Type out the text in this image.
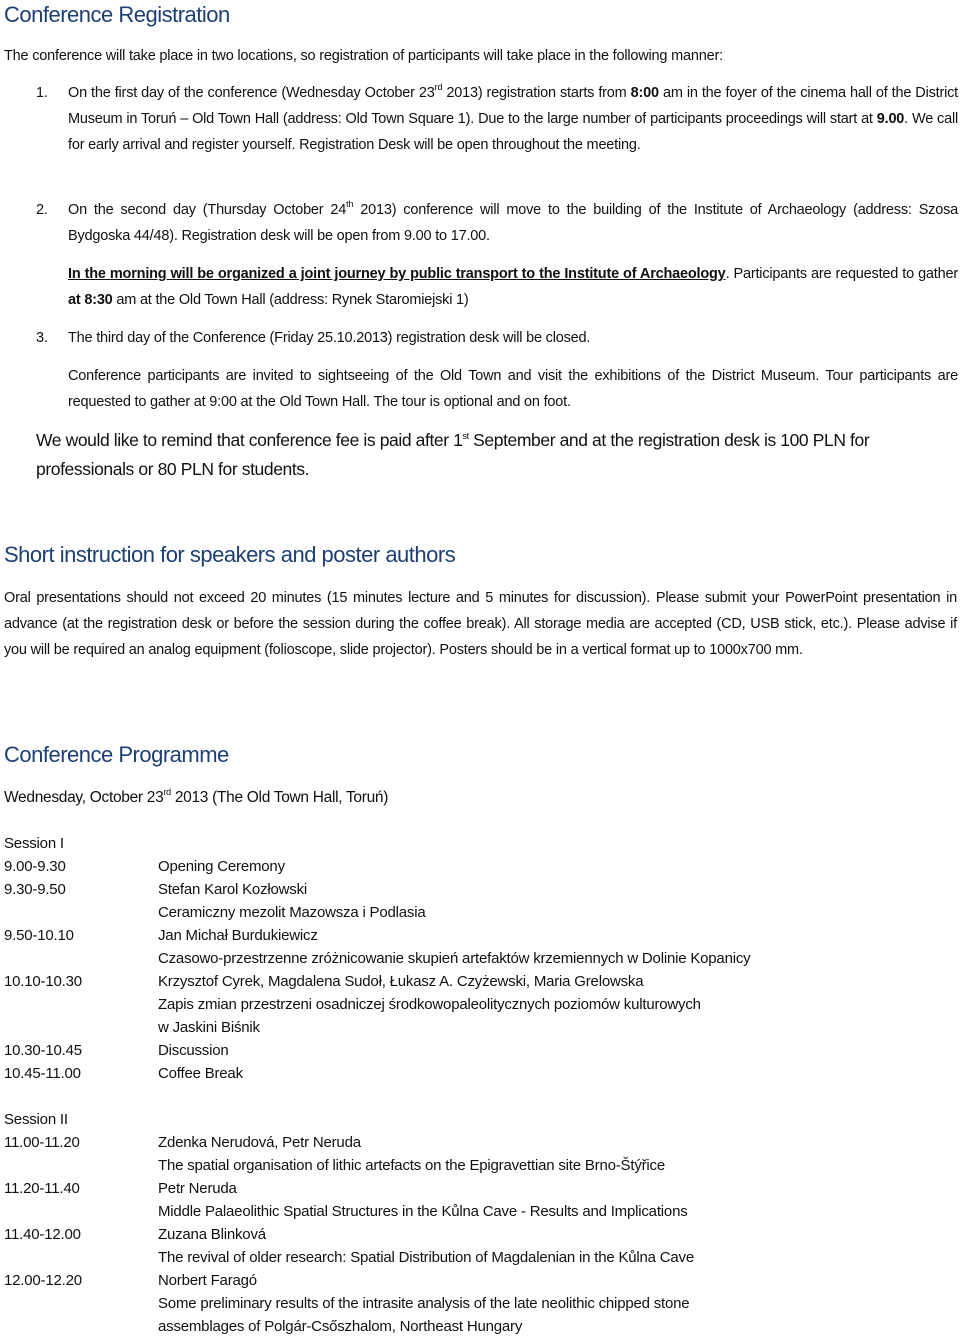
Conference Registration
The conference will take place in two locations, so registration of participants will take place in the following manner:
1. On the first day of the conference (Wednesday October 23rd 2013) registration starts from 8:00 am in the foyer of the cinema hall of the District Museum in Toruń – Old Town Hall (address: Old Town Square 1). Due to the large number of participants proceedings will start at 9.00. We call for early arrival and register yourself. Registration Desk will be open throughout the meeting.
2. On the second day (Thursday October 24th 2013) conference will move to the building of the Institute of Archaeology (address: Szosa Bydgoska 44/48). Registration desk will be open from 9.00 to 17.00.
In the morning will be organized a joint journey by public transport to the Institute of Archaeology. Participants are requested to gather at 8:30 am at the Old Town Hall (address: Rynek Staromiejski 1)
3. The third day of the Conference (Friday 25.10.2013) registration desk will be closed.
Conference participants are invited to sightseeing of the Old Town and visit the exhibitions of the District Museum. Tour participants are requested to gather at 9:00 at the Old Town Hall. The tour is optional and on foot.
We would like to remind that conference fee is paid after 1st September and at the registration desk is 100 PLN for professionals or 80 PLN for students.
Short instruction for speakers and poster authors
Oral presentations should not exceed 20 minutes (15 minutes lecture and 5 minutes for discussion). Please submit your PowerPoint presentation in advance (at the registration desk or before the session during the coffee break). All storage media are accepted (CD, USB stick, etc.). Please advise if you will be required an analog equipment (folioscope, slide projector). Posters should be in a vertical format up to 1000x700 mm.
Conference Programme
Wednesday, October 23rd 2013 (The Old Town Hall, Toruń)
Session I
9.00-9.30	Opening Ceremony
9.30-9.50	Stefan Karol Kozłowski
Ceramiczny mezolit Mazowsza i Podlasia
9.50-10.10	Jan Michał Burdukiewicz
Czasowo-przestrzenne zróżnicowanie skupień artefaktów krzemiennych w Dolinie Kopanicy
10.10-10.30	Krzysztof Cyrek, Magdalena Sudoł, Łukasz A. Czyżewski, Maria Grelowska
Zapis zmian przestrzeni osadniczej środkowopaleolitycznych poziomów kulturowych
w Jaskini Biśnik
10.30-10.45	Discussion
10.45-11.00	Coffee Break
Session II
11.00-11.20	Zdenka Nerudová, Petr Neruda
The spatial organisation of lithic artefacts on the Epigravettian site Brno-Štýřice
11.20-11.40	Petr Neruda
Middle Palaeolithic Spatial Structures in the Kůlna Cave - Results and Implications
11.40-12.00	Zuzana Blinková
The revival of older research: Spatial Distribution of Magdalenian in the Kůlna Cave
12.00-12.20	Norbert Faragó
Some preliminary results of the intrasite analysis of the late neolithic chipped stone
assemblages of Polgár-Csőszhalom, Northeast Hungary
